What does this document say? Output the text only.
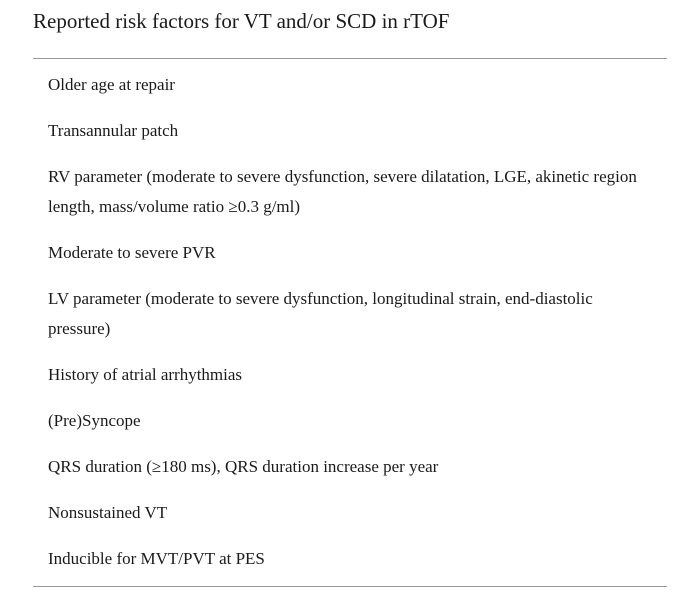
Reported risk factors for VT and/or SCD in rTOF
Older age at repair
Transannular patch
RV parameter (moderate to severe dysfunction, severe dilatation, LGE, akinetic region length, mass/volume ratio ≥0.3 g/ml)
Moderate to severe PVR
LV parameter (moderate to severe dysfunction, longitudinal strain, end-diastolic pressure)
History of atrial arrhythmias
(Pre)Syncope
QRS duration (≥180 ms), QRS duration increase per year
Nonsustained VT
Inducible for MVT/PVT at PES
